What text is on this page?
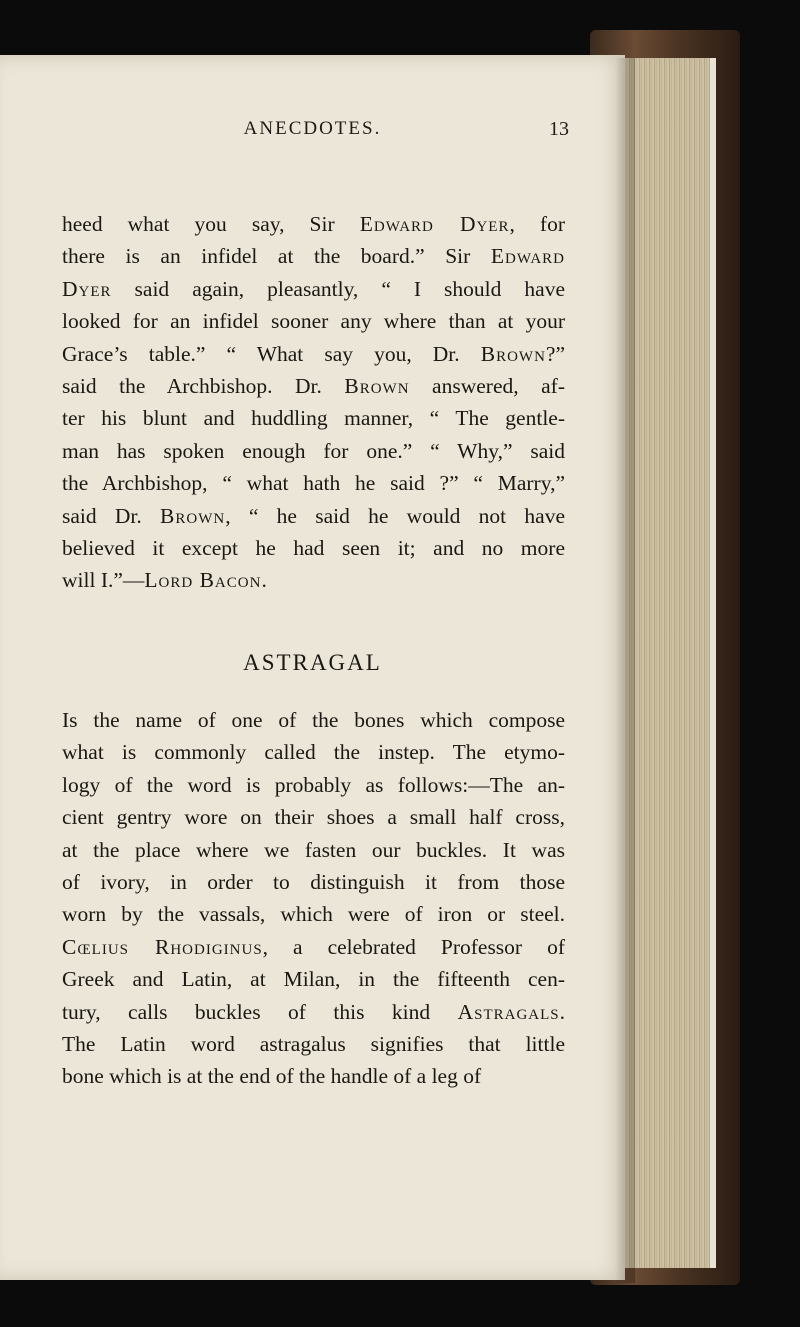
ANECDOTES.	13
heed what you say, Sir Edward Dyer, for
there is an infidel at the board.” Sir Edward
Dyer said again, pleasantly, “ I should have
looked for an infidel sooner any where than at your
Grace’s table.” “ What say you, Dr. Brown?”
said the Archbishop. Dr. Brown answered, af-
ter his blunt and huddling manner, “ The gentle-
man has spoken enough for one.” “ Why,” said
the Archbishop, “ what hath he said ?” “ Marry,”
said Dr. Brown, “ he said he would not have
believed it except he had seen it; and no more
will I.”—Lord Bacon.
ASTRAGAL
Is the name of one of the bones which compose
what is commonly called the instep. The etymo-
logy of the word is probably as follows:—The an-
cient gentry wore on their shoes a small half cross,
at the place where we fasten our buckles. It was
of ivory, in order to distinguish it from those
worn by the vassals, which were of iron or steel.
Cœlius Rhodiginus, a celebrated Professor of
Greek and Latin, at Milan, in the fifteenth cen-
tury, calls buckles of this kind Astragals.
The Latin word astragalus signifies that little
bone which is at the end of the handle of a leg of
